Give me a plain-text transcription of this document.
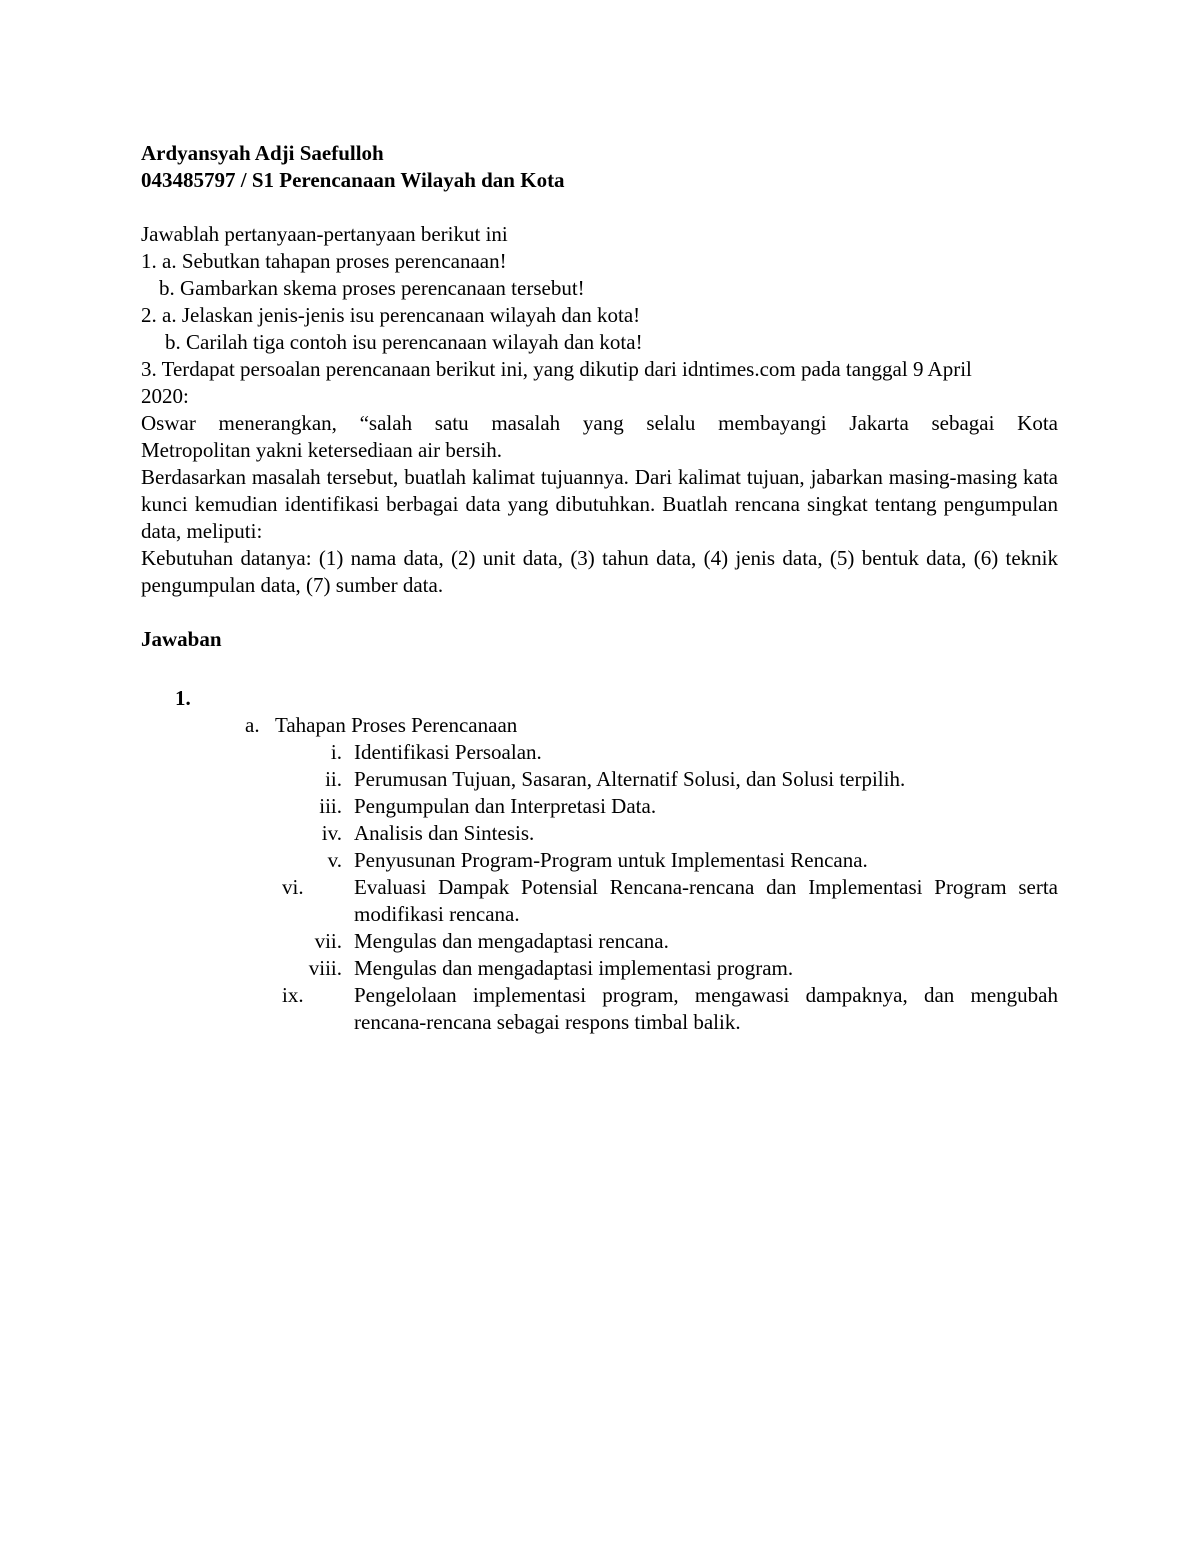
Ardyansyah Adji Saefulloh
043485797 / S1 Perencanaan Wilayah dan Kota
Jawablah pertanyaan-pertanyaan berikut ini
1. a. Sebutkan tahapan proses perencanaan!
b. Gambarkan skema proses perencanaan tersebut!
2. a. Jelaskan jenis-jenis isu perencanaan wilayah dan kota!
b. Carilah tiga contoh isu perencanaan wilayah dan kota!
3. Terdapat persoalan perencanaan berikut ini, yang dikutip dari idntimes.com pada tanggal 9 April
2020:
Oswar menerangkan, “salah satu masalah yang selalu membayangi Jakarta sebagai Kota
Metropolitan yakni ketersediaan air bersih.
Berdasarkan masalah tersebut, buatlah kalimat tujuannya. Dari kalimat tujuan, jabarkan masing-masing kata kunci kemudian identifikasi berbagai data yang dibutuhkan. Buatlah rencana singkat tentang pengumpulan data, meliputi:
Kebutuhan datanya: (1) nama data, (2) unit data, (3) tahun data, (4) jenis data, (5) bentuk data, (6) teknik pengumpulan data, (7) sumber data.
Jawaban
1.
a. Tahapan Proses Perencanaan
i. Identifikasi Persoalan.
ii. Perumusan Tujuan, Sasaran, Alternatif Solusi, dan Solusi terpilih.
iii. Pengumpulan dan Interpretasi Data.
iv. Analisis dan Sintesis.
v. Penyusunan Program-Program untuk Implementasi Rencana.
vi.	Evaluasi Dampak Potensial Rencana-rencana dan Implementasi Program serta modifikasi rencana.
vii. Mengulas dan mengadaptasi rencana.
viii. Mengulas dan mengadaptasi implementasi program.
ix.	Pengelolaan implementasi program, mengawasi dampaknya, dan mengubah rencana-rencana sebagai respons timbal balik.
